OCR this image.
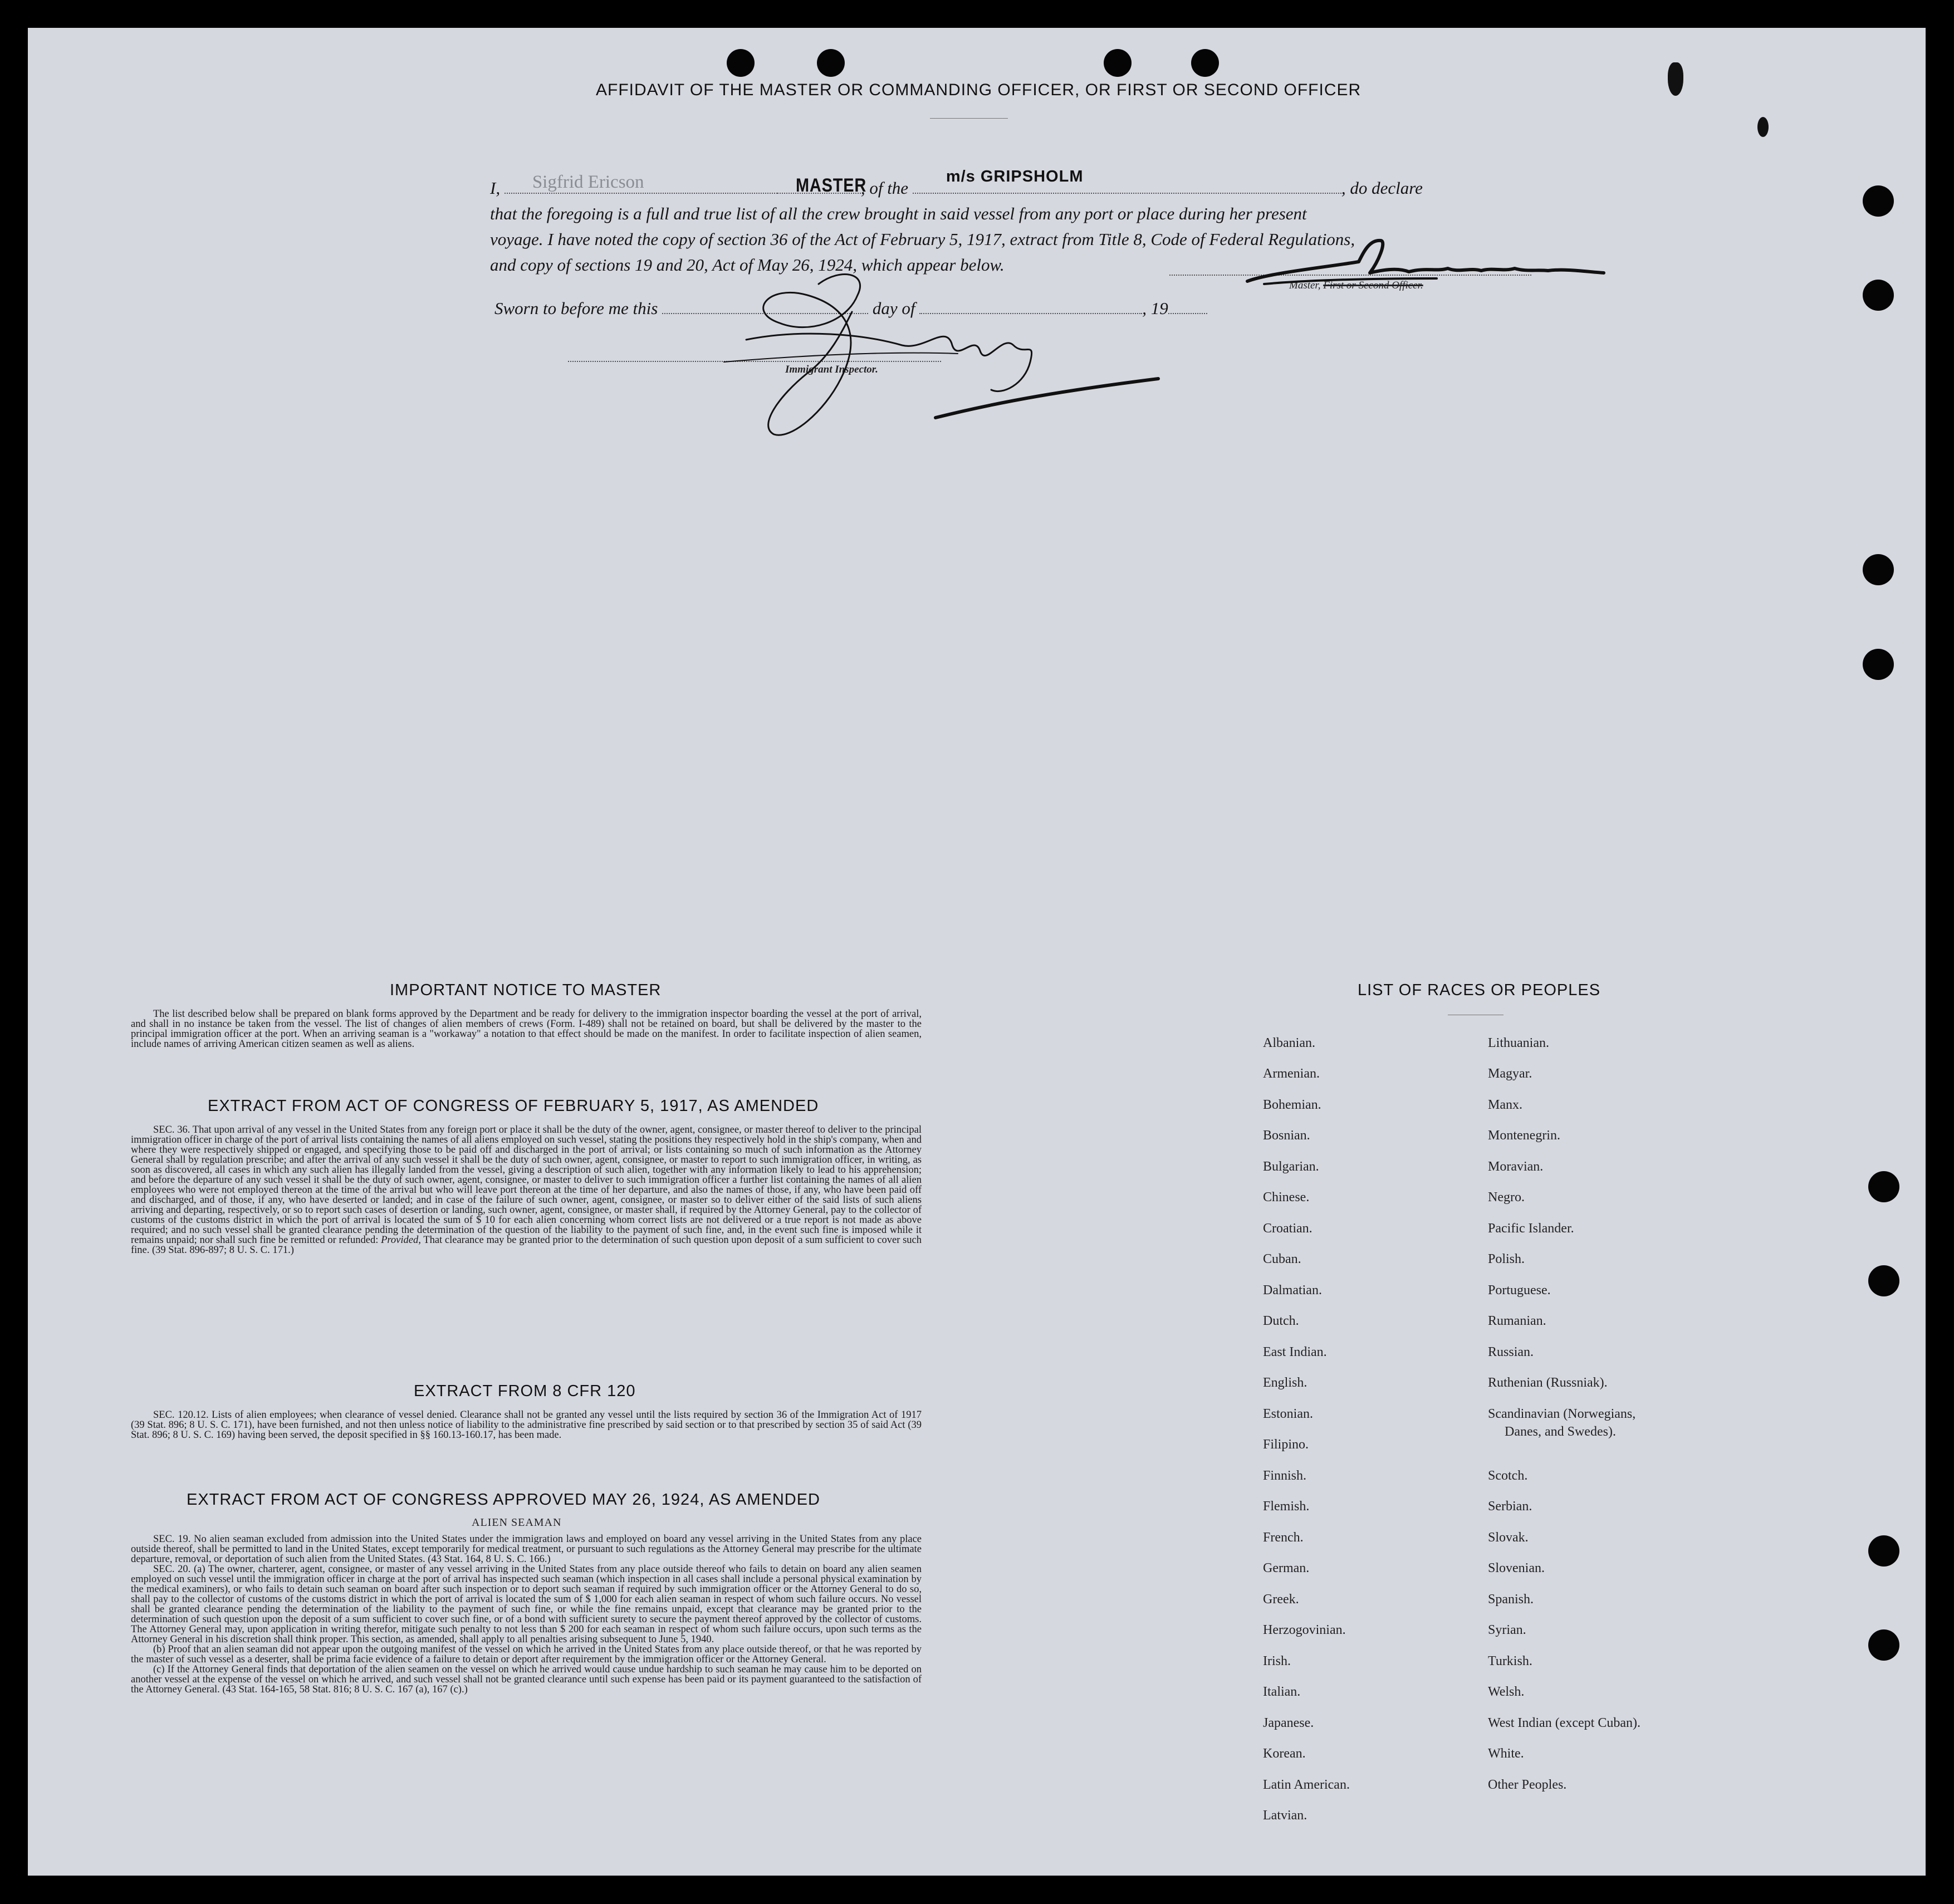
AFFIDAVIT OF THE MASTER OR COMMANDING OFFICER, OR FIRST OR SECOND OFFICER
I, Sigfrid Ericson	MASTER
, of the
m/s GRIPSHOLM
, do declare
that the foregoing is a full and true list of all the crew brought in said vessel from any port or place during her present
voyage. I have noted the copy of section 36 of the Act of February 5, 1917, extract from Title 8, Code of Federal Regulations,
and copy of sections 19 and 20, Act of May 26, 1924, which appear below.
Master, First or Second Officer.
Sworn to before me this	day of	, 19
Immigrant Inspector.
IMPORTANT NOTICE TO MASTER

The list described below shall be prepared on blank forms approved by the Department and be ready for delivery to the immigration inspector boarding the vessel at the port of arrival, and shall in no instance be taken from the vessel. The list of changes of alien members of crews (Form. I-489) shall not be retained on board, but shall be delivered by the master to the principal immigration officer at the port. When an arriving seaman is a "workaway" a notation to that effect should be made on the manifest. In order to facilitate inspection of alien seamen, include names of arriving American citizen seamen as well as aliens.

EXTRACT FROM ACT OF CONGRESS OF FEBRUARY 5, 1917, AS AMENDED

SEC. 36. That upon arrival of any vessel in the United States from any foreign port or place it shall be the duty of the owner, agent, consignee, or master thereof to deliver to the principal immigration officer in charge of the port of arrival lists containing the names of all aliens employed on such vessel, stating the positions they respectively hold in the ship's company, when and where they were respectively shipped or engaged, and specifying those to be paid off and discharged in the port of arrival; or lists containing so much of such information as the Attorney General shall by regulation prescribe; and after the arrival of any such vessel it shall be the duty of such owner, agent, consignee, or master to report to such immigration officer, in writing, as soon as discovered, all cases in which any such alien has illegally landed from the vessel, giving a description of such alien, together with any information likely to lead to his apprehension; and before the departure of any such vessel it shall be the duty of such owner, agent, consignee, or master to deliver to such immigration officer a further list containing the names of all alien employees who were not employed thereon at the time of the arrival but who will leave port thereon at the time of her departure, and also the names of those, if any, who have been paid off and discharged, and of those, if any, who have deserted or landed; and in case of the failure of such owner, agent, consignee, or master so to deliver either of the said lists of such aliens arriving and departing, respectively, or so to report such cases of desertion or landing, such owner, agent, consignee, or master shall, if required by the Attorney General, pay to the collector of customs of the customs district in which the port of arrival is located the sum of $ 10 for each alien concerning whom correct lists are not delivered or a true report is not made as above required; and no such vessel shall be granted clearance pending the determination of the question of the liability to the payment of such fine, and, in the event such fine is imposed while it remains unpaid; nor shall such fine be remitted or refunded: Provided, That clearance may be granted prior to the determination of such question upon deposit of a sum sufficient to cover such fine. (39 Stat. 896-897; 8 U. S. C. 171.)

EXTRACT FROM 8 CFR 120

SEC. 120.12. Lists of alien employees; when clearance of vessel denied. Clearance shall not be granted any vessel until the lists required by section 36 of the Immigration Act of 1917 (39 Stat. 896; 8 U. S. C. 171), have been furnished, and not then unless notice of liability to the administrative fine prescribed by said section or to that prescribed by section 35 of said Act (39 Stat. 896; 8 U. S. C. 169) having been served, the deposit specified in §§ 160.13-160.17, has been made.

EXTRACT FROM ACT OF CONGRESS APPROVED MAY 26, 1924, AS AMENDED
ALIEN SEAMAN

SEC. 19. No alien seaman excluded from admission into the United States under the immigration laws and employed on board any vessel arriving in the United States from any place outside thereof, shall be permitted to land in the United States, except temporarily for medical treatment, or pursuant to such regulations as the Attorney General may prescribe for the ultimate departure, removal, or deportation of such alien from the United States. (43 Stat. 164, 8 U. S. C. 166.)

SEC. 20. (a) The owner, charterer, agent, consignee, or master of any vessel arriving in the United States from any place outside thereof who fails to detain on board any alien seamen employed on such vessel until the immigration officer in charge at the port of arrival has inspected such seaman (which inspection in all cases shall include a personal physical examination by the medical examiners), or who fails to detain such seaman on board after such inspection or to deport such seaman if required by such immigration officer or the Attorney General to do so, shall pay to the collector of customs of the customs district in which the port of arrival is located the sum of $ 1,000 for each alien seaman in respect of whom such failure occurs. No vessel shall be granted clearance pending the determination of the liability to the payment of such fine, or while the fine remains unpaid, except that clearance may be granted prior to the determination of such question upon the deposit of a sum sufficient to cover such fine, or of a bond with sufficient surety to secure the payment thereof approved by the collector of customs. The Attorney General may, upon application in writing therefor, mitigate such penalty to not less than $ 200 for each seaman in respect of whom such failure occurs, upon such terms as the Attorney General in his discretion shall think proper. This section, as amended, shall apply to all penalties arising subsequent to June 5, 1940.

(b) Proof that an alien seaman did not appear upon the outgoing manifest of the vessel on which he arrived in the United States from any place outside thereof, or that he was reported by the master of such vessel as a deserter, shall be prima facie evidence of a failure to detain or deport after requirement by the immigration officer or the Attorney General.

(c) If the Attorney General finds that deportation of the alien seamen on the vessel on which he arrived would cause undue hardship to such seaman he may cause him to be deported on another vessel at the expense of the vessel on which he arrived, and such vessel shall not be granted clearance until such expense has been paid or its payment guaranteed to the satisfaction of the Attorney General. (43 Stat. 164-165, 58 Stat. 816; 8 U. S. C. 167 (a), 167 (c).)

LIST OF RACES OR PEOPLES
Albanian.
Armenian.
Bohemian.
Bosnian.
Bulgarian.
Chinese.
Croatian.
Cuban.
Dalmatian.
Dutch.
East Indian.
English.
Estonian.
Filipino.
Finnish.
Flemish.
French.
German.
Greek.
Herzogovinian.
Irish.
Italian.
Japanese.
Korean.
Latin American.
Latvian.
Lithuanian.
Magyar.
Manx.
Montenegrin.
Moravian.
Negro.
Pacific Islander.
Polish.
Portuguese.
Rumanian.
Russian.
Ruthenian (Russniak).
Scandinavian (Norwegians,
Danes, and Swedes).
Scotch.
Serbian.
Slovak.
Slovenian.
Spanish.
Syrian.
Turkish.
Welsh.
West Indian (except Cuban).
White.
Other Peoples.
